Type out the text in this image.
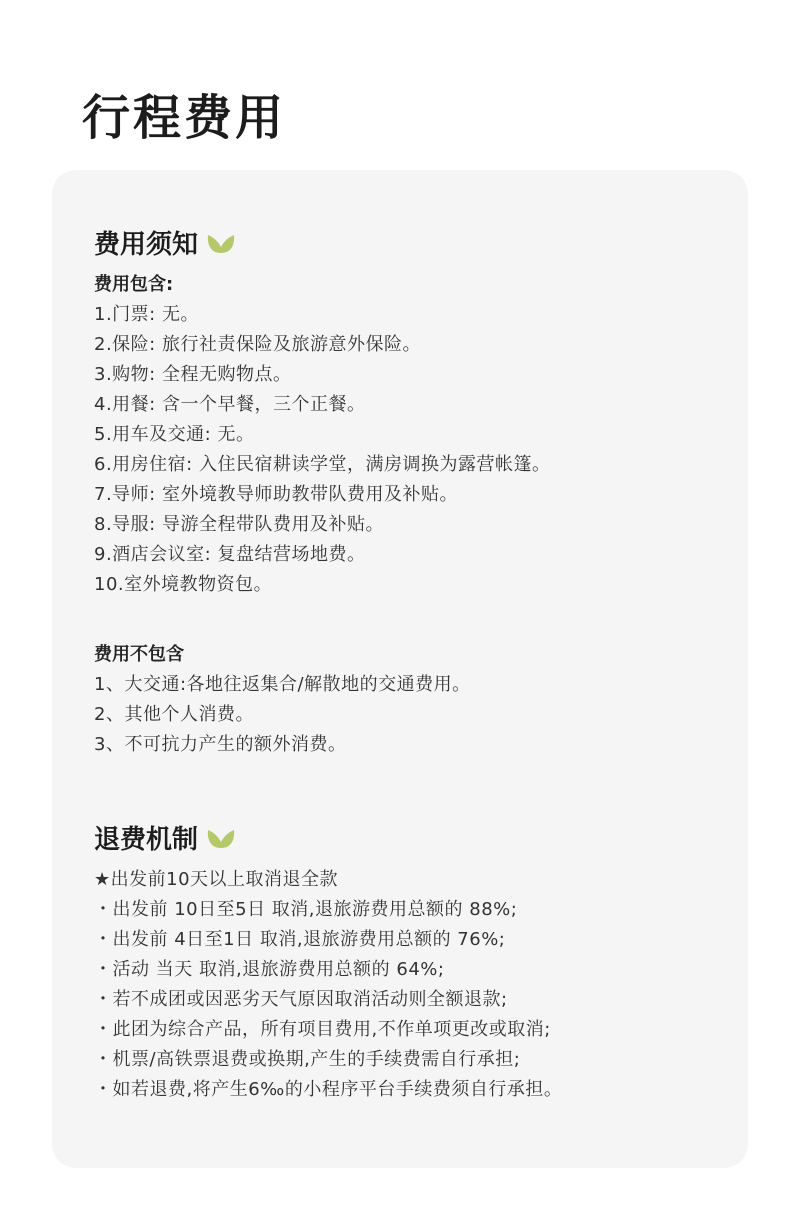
行程费用
费用须知
费用包含:
1.门票: 无。
2.保险: 旅行社责保险及旅游意外保险。
3.购物: 全程无购物点。
4.用餐: 含一个早餐，三个正餐。
5.用车及交通: 无。
6.用房住宿: 入住民宿耕读学堂，满房调换为露营帐篷。
7.导师: 室外境教导师助教带队费用及补贴。
8.导服: 导游全程带队费用及补贴。
9.酒店会议室: 复盘结营场地费。
10.室外境教物资包。
费用不包含
1、大交通:各地往返集合/解散地的交通费用。
2、其他个人消费。
3、不可抗力产生的额外消费。
退费机制
★出发前10天以上取消退全款
・出发前 10日至5日 取消,退旅游费用总额的 88%;
・出发前 4日至1日 取消,退旅游费用总额的 76%;
・活动 当天 取消,退旅游费用总额的 64%;
・若不成团或因恶劣天气原因取消活动则全额退款;
・此团为综合产品，所有项目费用,不作单项更改或取消;
・机票/高铁票退费或换期,产生的手续费需自行承担;
・如若退费,将产生6‰的小程序平台手续费须自行承担。
